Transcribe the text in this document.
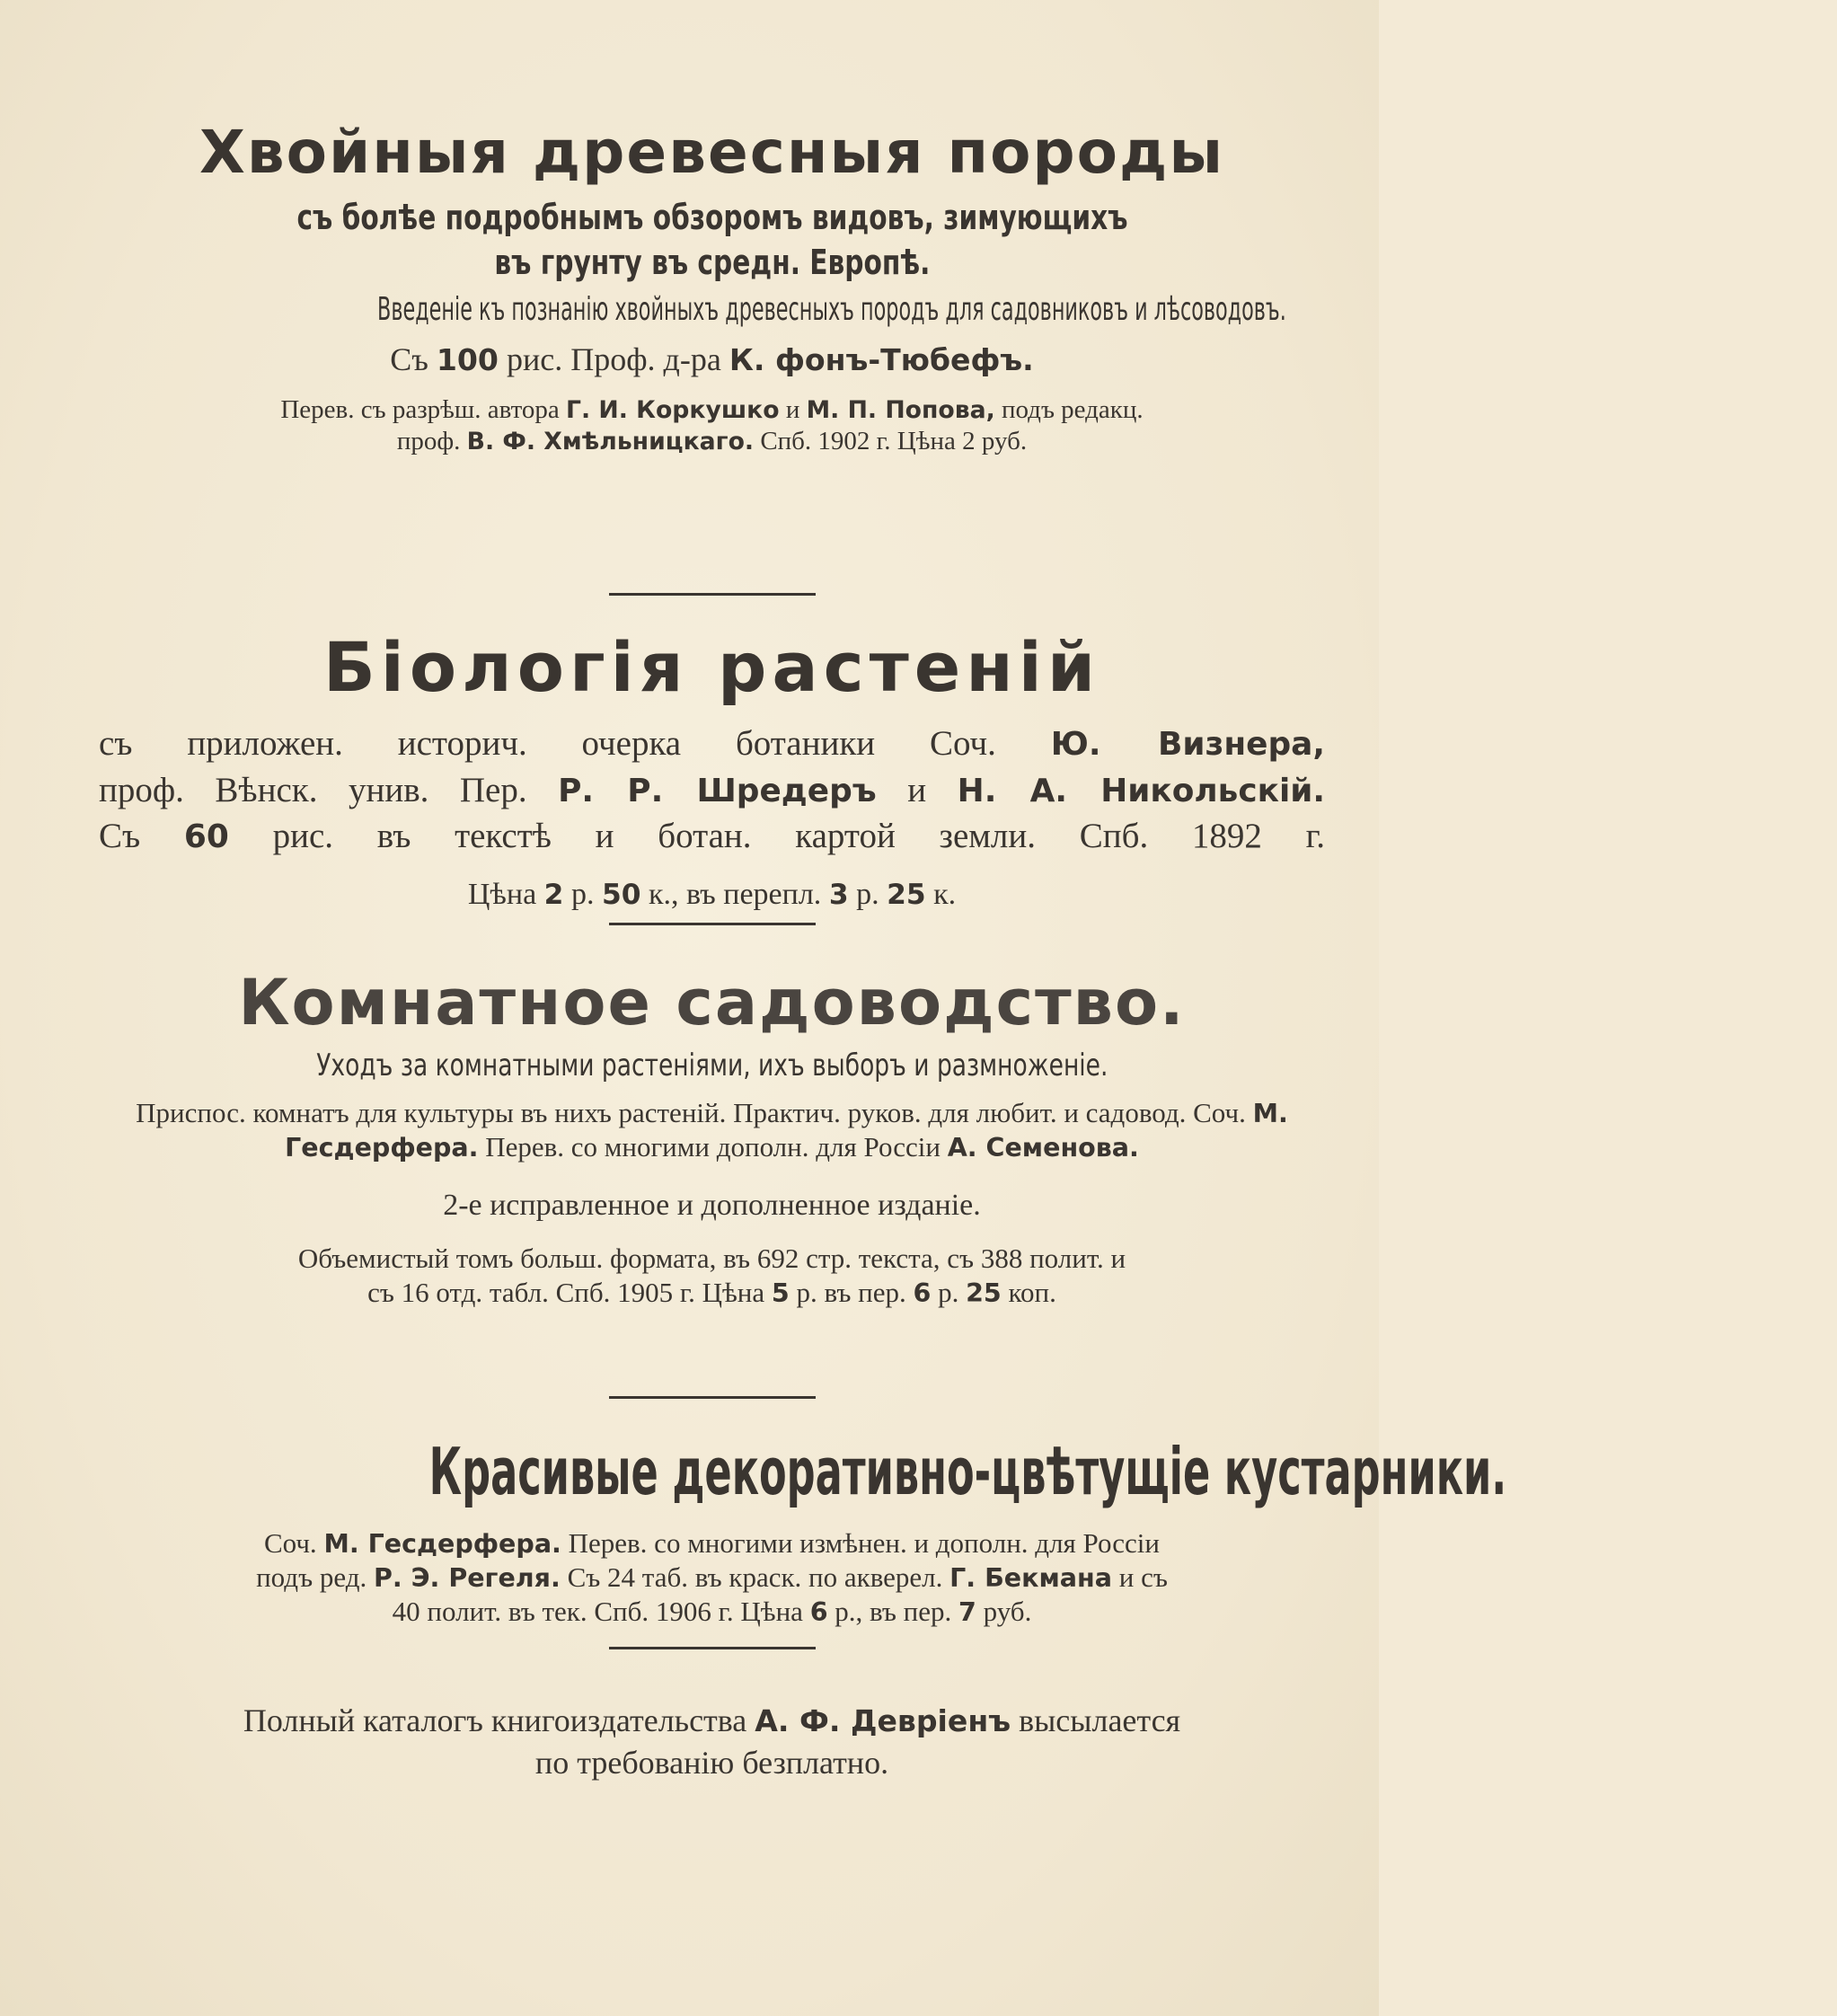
Хвойныя древесныя породы
съ болѣе подробнымъ обзоромъ видовъ, зимующихъ
въ грунту въ средн. Европѣ.
Введеніе къ познанію хвойныхъ древесныхъ породъ для садовниковъ и лѣсоводовъ.
Съ 100 рис. Проф. д-ра К. фонъ-Тюбефъ.
Перев. съ разрѣш. автора Г. И. Коркушко и М. П. Попова, подъ редакц.
проф. В. Ф. Хмѣльницкаго. Спб. 1902 г. Цѣна 2 руб.
Біологія растеній
съ приложен. историч. очерка ботаники Соч. Ю. Визнера,
проф. Вѣнск. унив. Пер. Р. Р. Шредеръ и Н. А. Никольскій.
Съ 60 рис. въ текстѣ и ботан. картой земли. Спб. 1892 г.
Цѣна 2 р. 50 к., въ перепл. 3 р. 25 к.
Комнатное садоводство.
Уходъ за комнатными растеніями, ихъ выборъ и размноженіе.
Приспос. комнатъ для культуры въ нихъ растеній. Практич. руков. для любит. и садовод. Соч. М. Гесдерфера. Перев. со многими дополн. для Россіи А. Семенова.
2-е исправленное и дополненное изданіе.
Объемистый томъ больш. формата, въ 692 стр. текста, съ 388 полит. и
съ 16 отд. табл. Спб. 1905 г. Цѣна 5 р. въ пер. 6 р. 25 коп.
Красивые декоративно-цвѣтущіе кустарники.
Соч. М. Гесдерфера. Перев. со многими измѣнен. и дополн. для Россіи
подъ ред. Р. Э. Регеля. Съ 24 таб. въ краск. по акверел. Г. Бекмана и съ
40 полит. въ тек. Спб. 1906 г. Цѣна 6 р., въ пер. 7 руб.
Полный каталогъ книгоиздательства А. Ф. Девріенъ высылается
по требованію безплатно.
